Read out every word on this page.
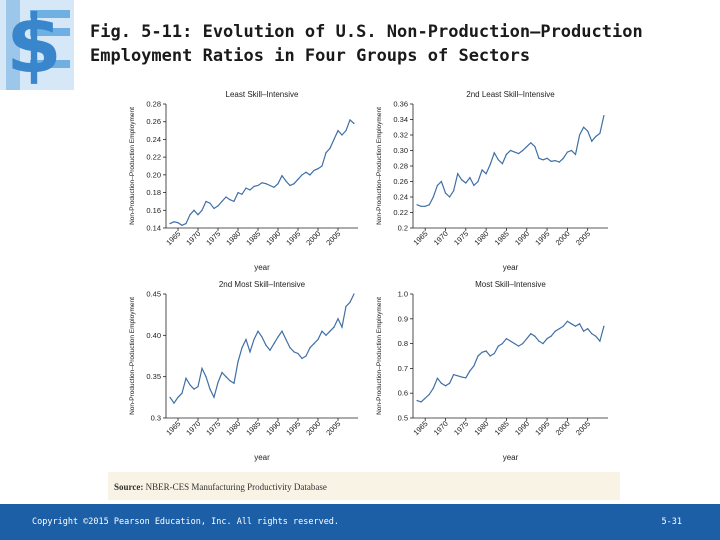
$ Fig. 5-11: Evolution of U.S. Non-Production–Production
Employment Ratios in Four Groups of Sectors
Least Skill–Intensive
0.28
0.26
0.24
0.22
0.20
0.18
0.16
0.14
1965 1970 1975 1980 1985 1990 1995 2000 2005
year
Non-Production–Production Employment
2nd Least Skill–Intensive
0.36
0.34
0.32
0.30
0.28
0.26
0.24
0.22
0.2
1965 1970 1975 1980 1985 1990 1995 2000 2005
year
Non-Production–Production Employment
2nd Most Skill–Intensive
0.45
0.40
0.35
0.3
1965 1970 1975 1980 1985 1990 1995 2000 2005
year
Non-Production–Production Employment
Most Skill–Intensive
1.0
0.9
0.8
0.7
0.6
0.5
1965 1970 1975 1980 1985 1990 1995 2000 2005
year
Non-Production–Production Employment
Source: NBER-CES Manufacturing Productivity Database
Copyright ©2015 Pearson Education, Inc. All rights reserved.	5-31
